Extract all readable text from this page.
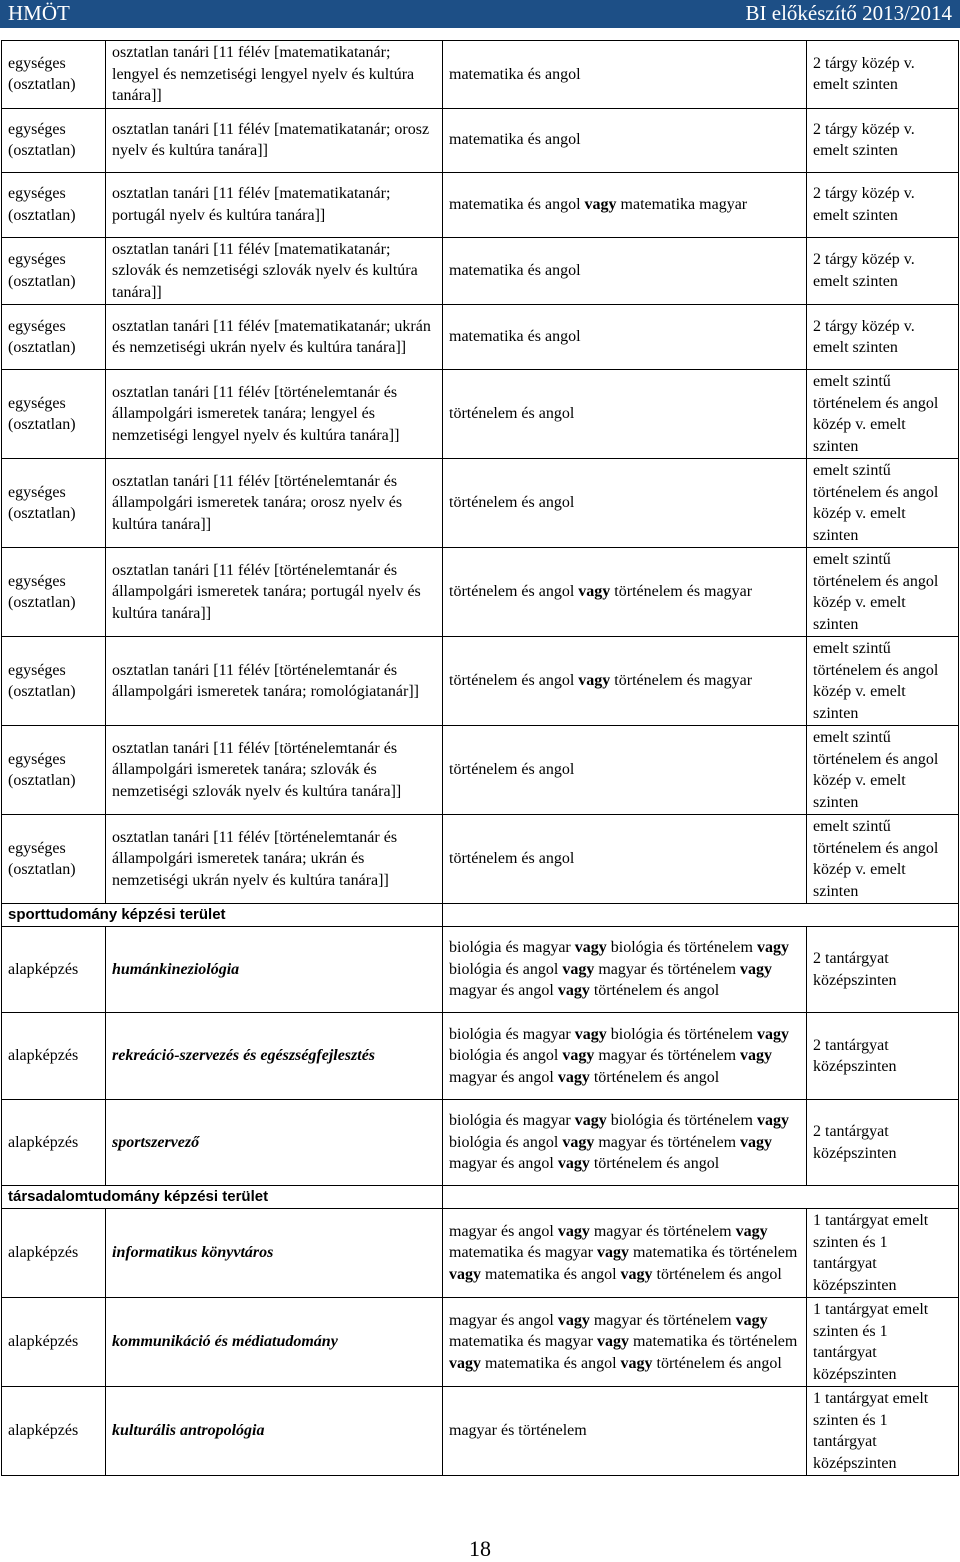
HMÖT	BI előkészítő 2013/2014
egységes (osztatlan)	osztatlan tanári [11 félév [matematikatanár; lengyel és nemzetiségi lengyel nyelv és kultúra tanára]]	matematika és angol	2 tárgy közép v. emelt szinten
egységes (osztatlan)	osztatlan tanári [11 félév [matematikatanár; orosz nyelv és kultúra tanára]]	matematika és angol	2 tárgy közép v. emelt szinten
egységes (osztatlan)	osztatlan tanári [11 félév [matematikatanár; portugál nyelv és kultúra tanára]]	matematika és angol vagy matematika magyar	2 tárgy közép v. emelt szinten
egységes (osztatlan)	osztatlan tanári [11 félév [matematikatanár; szlovák és nemzetiségi szlovák nyelv és kultúra tanára]]	matematika és angol	2 tárgy közép v. emelt szinten
egységes (osztatlan)	osztatlan tanári [11 félév [matematikatanár; ukrán és nemzetiségi ukrán nyelv és kultúra tanára]]	matematika és angol	2 tárgy közép v. emelt szinten
egységes (osztatlan)	osztatlan tanári [11 félév [történelemtanár és állampolgári ismeretek tanára; lengyel és nemzetiségi lengyel nyelv és kultúra tanára]]	történelem és angol	emelt szintű történelem és angol közép v. emelt szinten
egységes (osztatlan)	osztatlan tanári [11 félév [történelemtanár és állampolgári ismeretek tanára; orosz nyelv és kultúra tanára]]	történelem és angol	emelt szintű történelem és angol közép v. emelt szinten
egységes (osztatlan)	osztatlan tanári [11 félév [történelemtanár és állampolgári ismeretek tanára; portugál nyelv és kultúra tanára]]	történelem és angol vagy történelem és magyar	emelt szintű történelem és angol közép v. emelt szinten
egységes (osztatlan)	osztatlan tanári [11 félév [történelemtanár és állampolgári ismeretek tanára; romológiatanár]]	történelem és angol vagy történelem és magyar	emelt szintű történelem és angol közép v. emelt szinten
egységes (osztatlan)	osztatlan tanári [11 félév [történelemtanár és állampolgári ismeretek tanára; szlovák és nemzetiségi szlovák nyelv és kultúra tanára]]	történelem és angol	emelt szintű történelem és angol közép v. emelt szinten
egységes (osztatlan)	osztatlan tanári [11 félév [történelemtanár és állampolgári ismeretek tanára; ukrán és nemzetiségi ukrán nyelv és kultúra tanára]]	történelem és angol	emelt szintű történelem és angol közép v. emelt szinten
sporttudomány képzési terület			
alapképzés	humánkineziológia	biológia és magyar vagy biológia és történelem vagy biológia és angol vagy magyar és történelem vagy magyar és angol vagy történelem és angol	2 tantárgyat középszinten
alapképzés	rekreáció-szervezés és egészségfejlesztés	biológia és magyar vagy biológia és történelem vagy biológia és angol vagy magyar és történelem vagy magyar és angol vagy történelem és angol	2 tantárgyat középszinten
alapképzés	sportszervező	biológia és magyar vagy biológia és történelem vagy biológia és angol vagy magyar és történelem vagy magyar és angol vagy történelem és angol	2 tantárgyat középszinten
társadalomtudomány képzési terület			
alapképzés	informatikus könyvtáros	magyar és angol vagy magyar és történelem vagy matematika és magyar vagy matematika és történelem vagy matematika és angol vagy történelem és angol	1 tantárgyat emelt szinten és 1 tantárgyat középszinten
alapképzés	kommunikáció és médiatudomány	magyar és angol vagy magyar és történelem vagy matematika és magyar vagy matematika és történelem vagy matematika és angol vagy történelem és angol	1 tantárgyat emelt szinten és 1 tantárgyat középszinten
alapképzés	kulturális antropológia	magyar és történelem	1 tantárgyat emelt szinten és 1 tantárgyat középszinten
18
